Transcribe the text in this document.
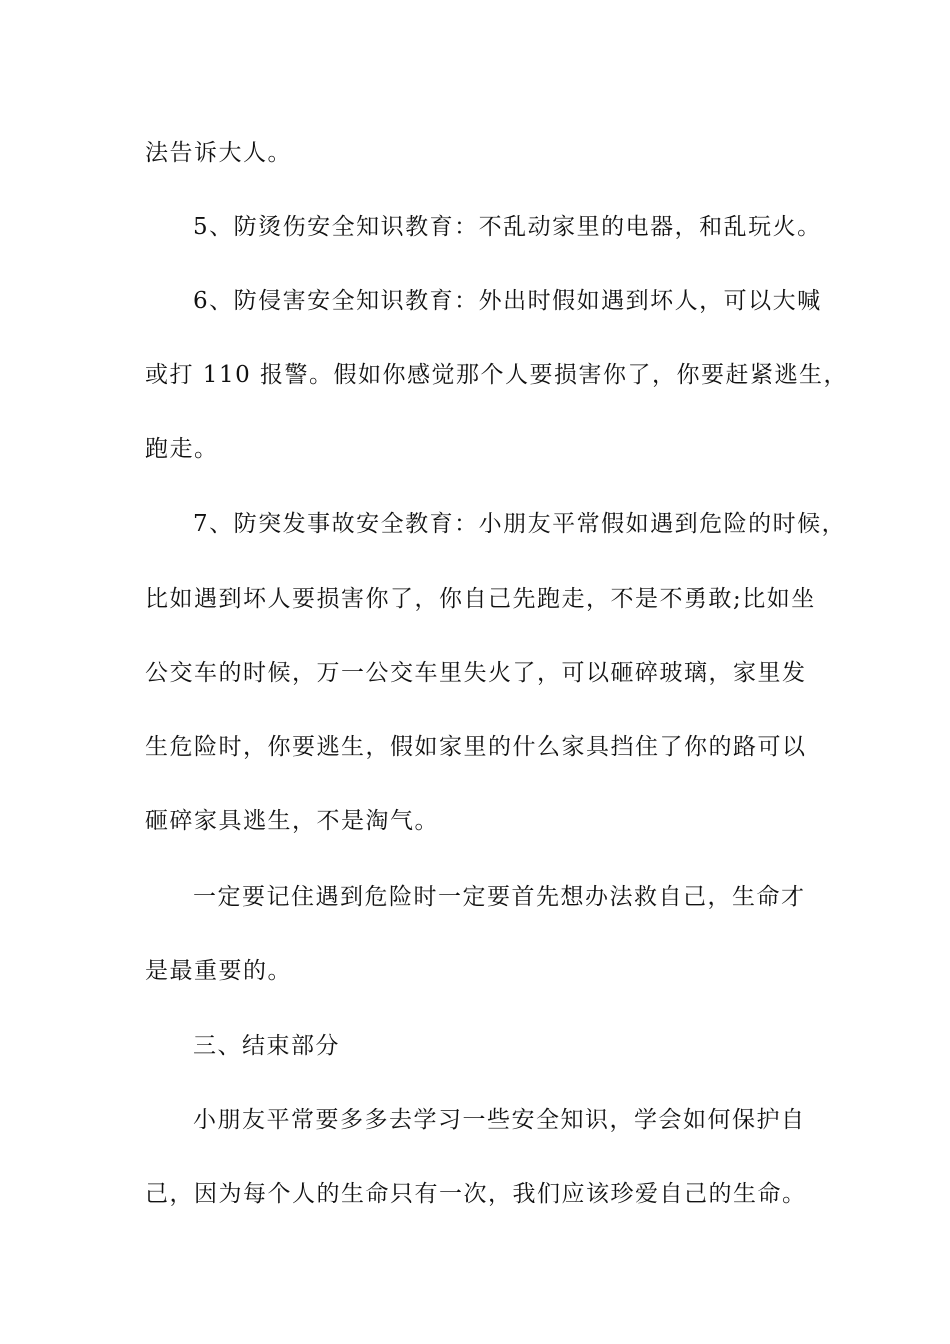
法告诉大人。

5、防烫伤安全知识教育：不乱动家里的电器，和乱玩火。

6、防侵害安全知识教育：外出时假如遇到坏人，可以大喊

或打 110 报警。假如你感觉那个人要损害你了，你要赶紧逃生，

跑走。

7、防突发事故安全教育：小朋友平常假如遇到危险的时候，

比如遇到坏人要损害你了，你自己先跑走，不是不勇敢;比如坐

公交车的时候，万一公交车里失火了，可以砸碎玻璃，家里发

生危险时，你要逃生，假如家里的什么家具挡住了你的路可以

砸碎家具逃生，不是淘气。

一定要记住遇到危险时一定要首先想办法救自己，生命才

是最重要的。

三、结束部分

小朋友平常要多多去学习一些安全知识，学会如何保护自

己，因为每个人的生命只有一次，我们应该珍爱自己的生命。
